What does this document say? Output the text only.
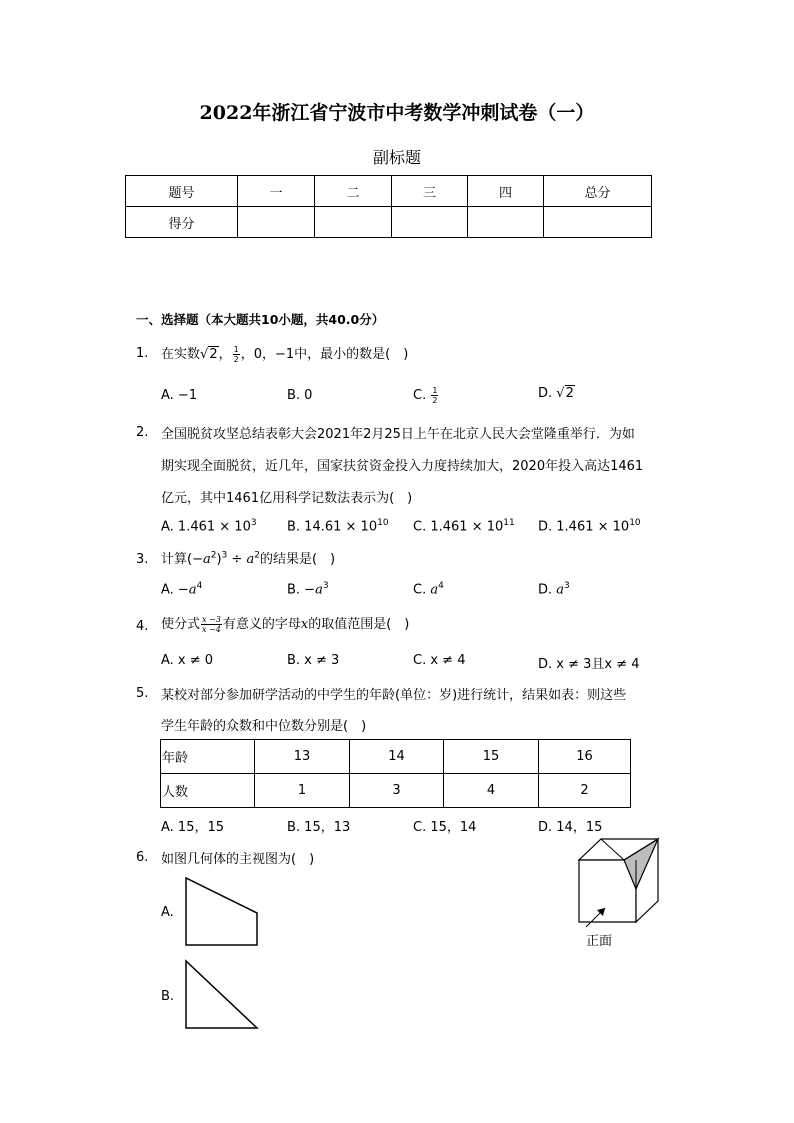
2022年浙江省宁波市中考数学冲刺试卷（一）
副标题
题号	一	二	三	四	总分
得分					
一、选择题（本大题共10小题，共40.0分）
1. 在实数√2， $\frac{1}{2}$ ，0，−1中，最小的数是(　)
A. −1	B. 0	C. $\frac{1}{2}$	D. √2
2. 全国脱贫攻坚总结表彰大会2021年2月25日上午在北京人民大会堂隆重举行．为如
期实现全面脱贫，近几年，国家扶贫资金投入力度持续加大，2020年投入高达1461
亿元，其中1461亿用科学记数法表示为(　)
A. $1.461 \times 10^3$ B. $14.61 \times 10^{10}$ C. $1.461 \times 10^{11}$ D. $1.461 \times 10^{10}$
3. 计算$(-a^2)^3 \div a^2$的结果是(　)
A. $-a^4$	B. $-a^3$	C. $a^4$	D. $a^3$
4. 使分式 $\frac{x -3}{x -4}$ 有意义的字母x的取值范围是(　)
A. x ≠ 0	B. x ≠ 3	C. x ≠ 4	D. x ≠ 3且x ≠ 4
5. 某校对部分参加研学活动的中学生的年龄(单位：岁)进行统计，结果如表：则这些
学生年龄的众数和中位数分别是(　)
年龄	13	14	15	16
人数	1	3	4	2
A. 15，15	B. 15，13	C. 15，14	D. 14，15
6. 如图几何体的主视图为(　)
正面
A.
B.
